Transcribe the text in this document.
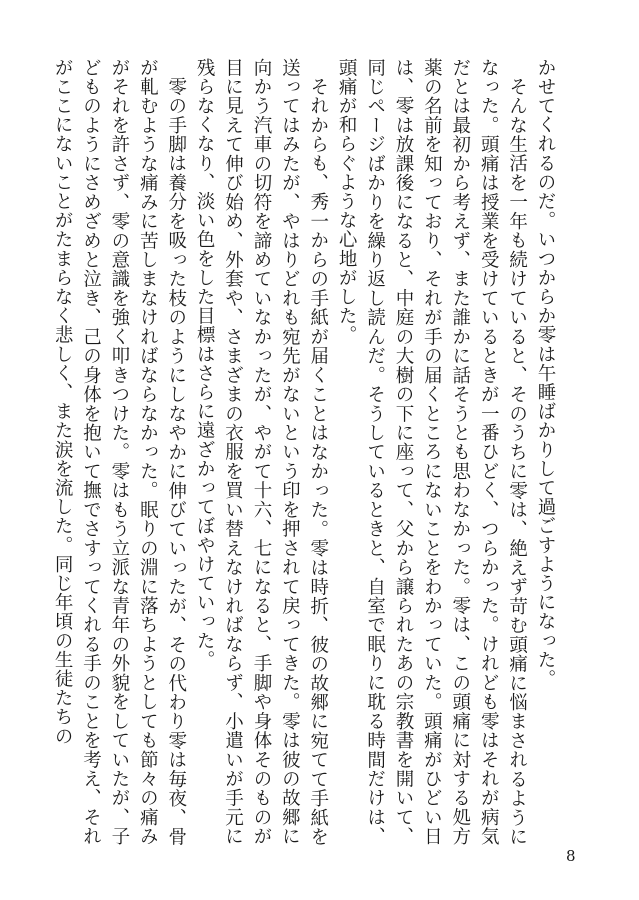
かせてくれるのだ。いつからか零は午睡ばかりして過ごすようになった。

そんな生活を一年も続けていると、そのうちに零は、絶えず苛む頭痛に悩まされるようになった。頭痛は授業を受けているときが一番ひどく、つらかった。けれども零はそれが病気だとは最初から考えず、また誰かに話そうとも思わなかった。零は、この頭痛に対する処方薬の名前を知っており、それが手の届くところにないことをわかっていた。頭痛がひどい日は、零は放課後になると、中庭の大樹の下に座って、父から譲られたあの宗教書を開いて、同じページばかりを繰り返し読んだ。そうしているときと、自室で眠りに耽る時間だけは、頭痛が和らぐような心地がした。

それからも、秀一からの手紙が届くことはなかった。零は時折、彼の故郷に宛てて手紙を送ってはみたが、やはりどれも宛先がないという印を押されて戻ってきた。零は彼の故郷に向かう汽車の切符を諦めていなかったが、やがて十六、七になると、手脚や身体そのものが目に見えて伸び始め、外套や、さまざまの衣服を買い替えなければならず、小遣いが手元に残らなくなり、淡い色をした目標はさらに遠ざかってぼやけていった。

零の手脚は養分を吸った枝のようにしなやかに伸びていったが、その代わり零は毎夜、骨が軋むような痛みに苦しまなければならなかった。眠りの淵に落ちようとしても節々の痛みがそれを許さず、零の意識を強く叩きつけた。零はもう立派な青年の外貌をしていたが、子どものようにさめざめと泣き、己の身体を抱いて撫でさすってくれる手のことを考え、それがここにないことがたまらなく悲しく、また涙を流した。同じ年頃の生徒たちの

8
